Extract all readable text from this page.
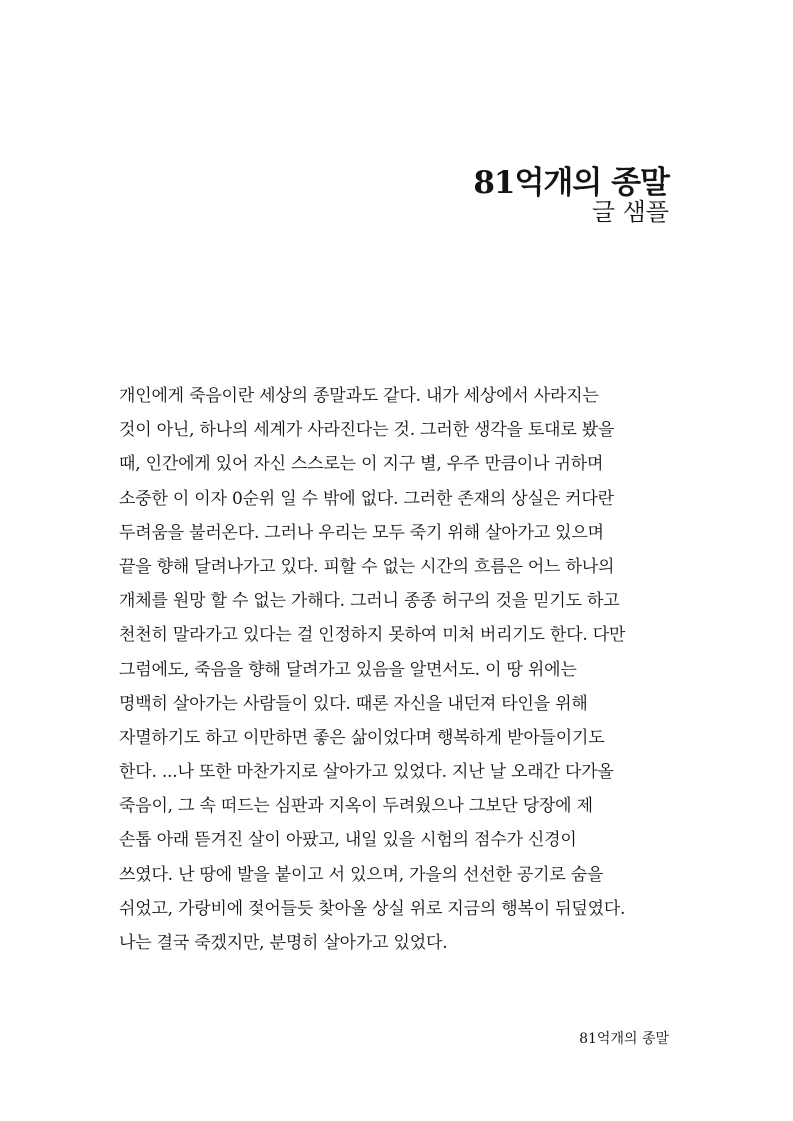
81억개의 종말
글 샘플
개인에게 죽음이란 세상의 종말과도 같다. 내가 세상에서 사라지는
것이 아닌, 하나의 세계가 사라진다는 것. 그러한 생각을 토대로 봤을
때, 인간에게 있어 자신 스스로는 이 지구 별, 우주 만큼이나 귀하며
소중한 이 이자 0순위 일 수 밖에 없다. 그러한 존재의 상실은 커다란
두려움을 불러온다. 그러나 우리는 모두 죽기 위해 살아가고 있으며
끝을 향해 달려나가고 있다. 피할 수 없는 시간의 흐름은 어느 하나의
개체를 원망 할 수 없는 가해다. 그러니 종종 허구의 것을 믿기도 하고
천천히 말라가고 있다는 걸 인정하지 못하여 미처 버리기도 한다. 다만
그럼에도, 죽음을 향해 달려가고 있음을 알면서도. 이 땅 위에는
명백히 살아가는 사람들이 있다. 때론 자신을 내던져 타인을 위해
자멸하기도 하고 이만하면 좋은 삶이었다며 행복하게 받아들이기도
한다. ...나 또한 마찬가지로 살아가고 있었다. 지난 날 오래간 다가올
죽음이, 그 속 떠드는 심판과 지옥이 두려웠으나 그보단 당장에 제
손톱 아래 뜯겨진 살이 아팠고, 내일 있을 시험의 점수가 신경이
쓰였다. 난 땅에 발을 붙이고 서 있으며, 가을의 선선한 공기로 숨을
쉬었고, 가랑비에 젖어들듯 찾아올 상실 위로 지금의 행복이 뒤덮였다.
나는 결국 죽겠지만, 분명히 살아가고 있었다.
81억개의 종말
